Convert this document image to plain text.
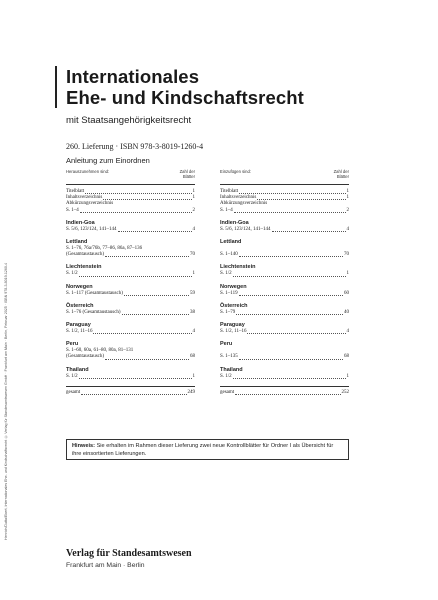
Henrich/Dutta/Ebert, Internationales Ehe- und Kindschaftsrecht © Verlag für Standesamtswesen GmbH · Frankfurt am Main · Berlin, Februar 2025 · ISBN 978-3-8019-1260-4
Internationales
Ehe- und Kindschaftsrecht
mit Staatsangehörigkeitsrecht
260. Lieferung · ISBN 978-3-8019-1260-4
Anleitung zum Einordnen
Herauszunehmen sind:	Zahl der
Blätter
Titelblatt	1
Inhaltsverzeichnis	1
Abkürzungsverzeichnis
S. 1–4	2
Indien-Goa
S. 5/6, 123/124, 141–144	4
Lettland
S. 1–76, 76a/76b, 77–86, 86a, 87–136
(Gesamtaustausch)	70
Liechtenstein
S. 1/2	1
Norwegen
S. 1–117 (Gesamtaustausch)	59
Österreich
S. 1–76 (Gesamtaustausch)	38
Paraguay
S. 1/2, 11–16	4
Peru
S. 1–60, 60a, 61–80, 80a, 81–131
(Gesamtaustausch)	68
Thailand
S. 1/2	1
gesamt	249
Einzufügen sind:	Zahl der
Blätter
Titelblatt	1
Inhaltsverzeichnis	1
Abkürzungsverzeichnis
S. 1–4	2
Indien-Goa
S. 5/6, 123/124, 141–144	4
Lettland

S. 1–140	70
Liechtenstein
S. 1/2	1
Norwegen
S. 1–119	60
Österreich
S. 1–79	40
Paraguay
S. 1/2, 11–16	4
Peru

S. 1–135	68
Thailand
S. 1/2	1
gesamt	252
Hinweis: Sie erhalten im Rahmen dieser Lieferung zwei neue Kontrollblätter für Ordner I als Übersicht für ihre einsortierten Lieferungen.
Verlag für Standesamtswesen
Frankfurt am Main · Berlin
